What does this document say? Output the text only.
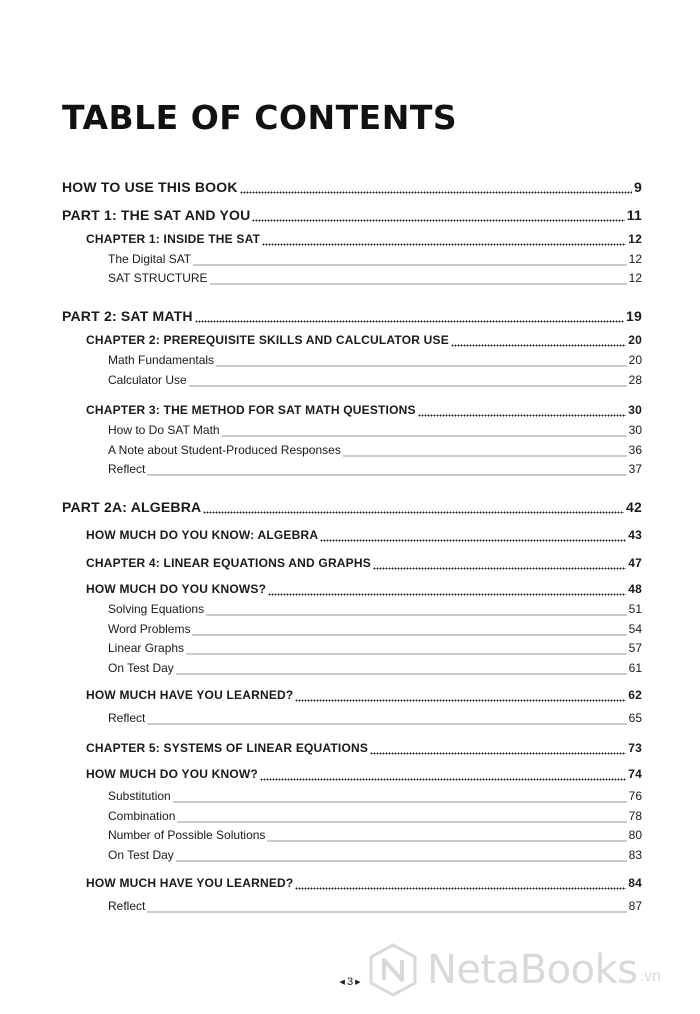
TABLE OF CONTENTS
HOW TO USE THIS BOOK	9
PART 1: THE SAT AND YOU	11
CHAPTER 1: INSIDE THE SAT	12
The Digital SAT	12
SAT STRUCTURE	12
PART 2: SAT MATH	19
CHAPTER 2: PREREQUISITE SKILLS AND CALCULATOR USE	20
Math Fundamentals	20
Calculator Use	28
CHAPTER 3: THE METHOD FOR SAT MATH QUESTIONS	30
How to Do SAT Math	30
A Note about Student-Produced Responses	36
Reflect	37
PART 2A: ALGEBRA	42
HOW MUCH DO YOU KNOW: ALGEBRA	43
CHAPTER 4: LINEAR EQUATIONS AND GRAPHS	47
HOW MUCH DO YOU KNOWS?	48
Solving Equations	51
Word Problems	54
Linear Graphs	57
On Test Day	61
HOW MUCH HAVE YOU LEARNED?	62
Reflect	65
CHAPTER 5: SYSTEMS OF LINEAR EQUATIONS	73
HOW MUCH DO YOU KNOW?	74
Substitution	76
Combination	78
Number of Possible Solutions	80
On Test Day	83
HOW MUCH HAVE YOU LEARNED?	84
Reflect	87
◀ 3 ▶	NetaBooks .vn
